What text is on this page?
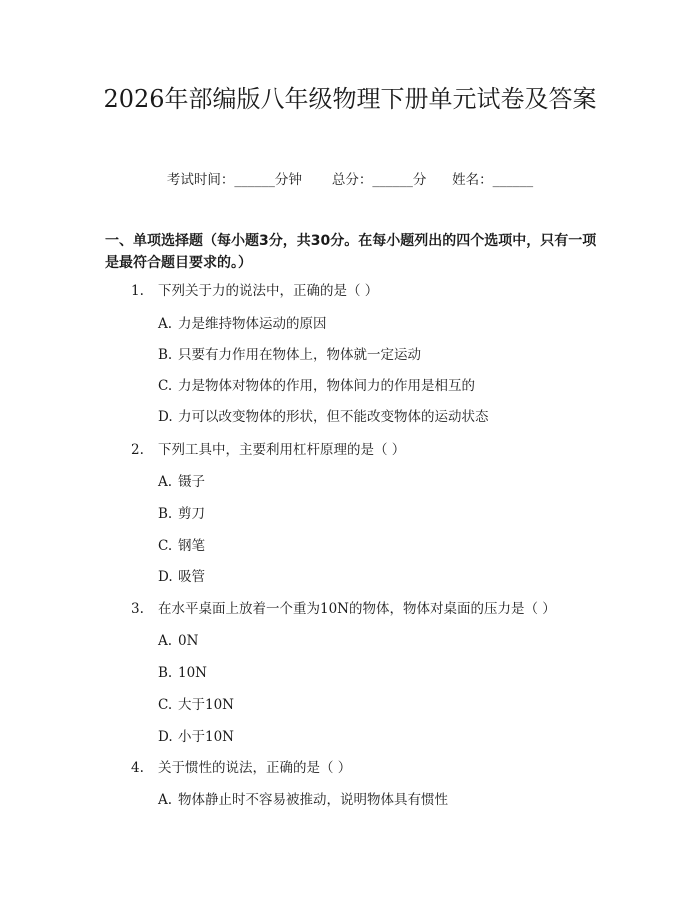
2026年部编版八年级物理下册单元试卷及答案
考试时间：______分钟 总分：______分 姓名：______
一、单项选择题（每小题3分，共30分。在每小题列出的四个选项中，只有一项是最符合题目要求的。）
1. 下列关于力的说法中，正确的是（ ）
A. 力是维持物体运动的原因
B. 只要有力作用在物体上，物体就一定运动
C. 力是物体对物体的作用，物体间力的作用是相互的
D. 力可以改变物体的形状，但不能改变物体的运动状态
2. 下列工具中，主要利用杠杆原理的是（ ）
A. 镊子
B. 剪刀
C. 钢笔
D. 吸管
3. 在水平桌面上放着一个重为10N的物体，物体对桌面的压力是（ ）
A. 0N
B. 10N
C. 大于10N
D. 小于10N
4. 关于惯性的说法，正确的是（ ）
A. 物体静止时不容易被推动，说明物体具有惯性
